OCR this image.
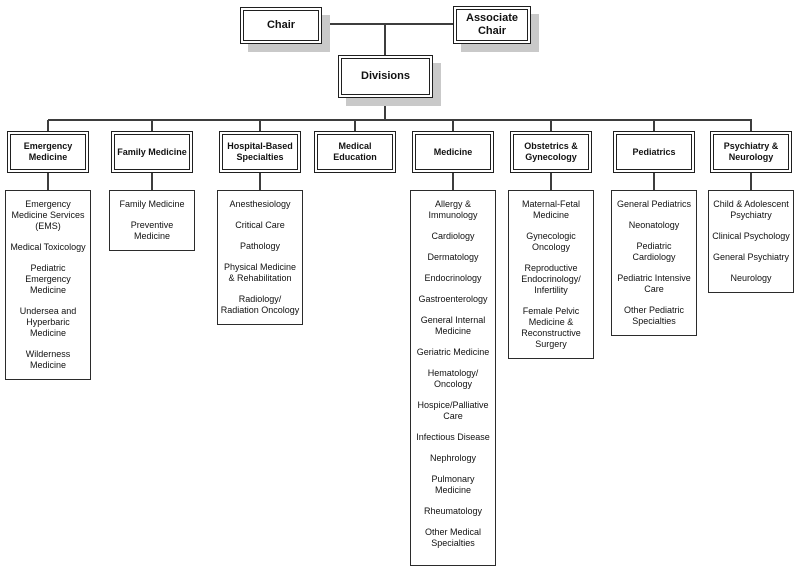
Chair
Associate Chair
Divisions
Emergency Medicine
Family Medicine
Hospital-Based Specialties
Medical Education
Medicine
Obstetrics & Gynecology
Pediatrics
Psychiatry & Neurology
Emergency Medicine Services (EMS)
Medical Toxicology
Pediatric Emergency Medicine
Undersea and Hyperbaric Medicine
Wilderness Medicine
Family Medicine
Preventive Medicine
Anesthesiology
Critical Care
Pathology
Physical Medicine & Rehabilitation
Radiology/ Radiation Oncology
Allergy & Immunology
Cardiology
Dermatology
Endocrinology
Gastroenterology
General Internal Medicine
Geriatric Medicine
Hematology/ Oncology
Hospice/Palliative Care
Infectious Disease
Nephrology
Pulmonary Medicine
Rheumatology
Other Medical Specialties
Maternal-Fetal Medicine
Gynecologic Oncology
Reproductive Endocrinology/ Infertility
Female Pelvic Medicine & Reconstructive Surgery
General Pediatrics
Neonatology
Pediatric Cardiology
Pediatric Intensive Care
Other Pediatric Specialties
Child & Adolescent Psychiatry
Clinical Psychology
General Psychiatry
Neurology
